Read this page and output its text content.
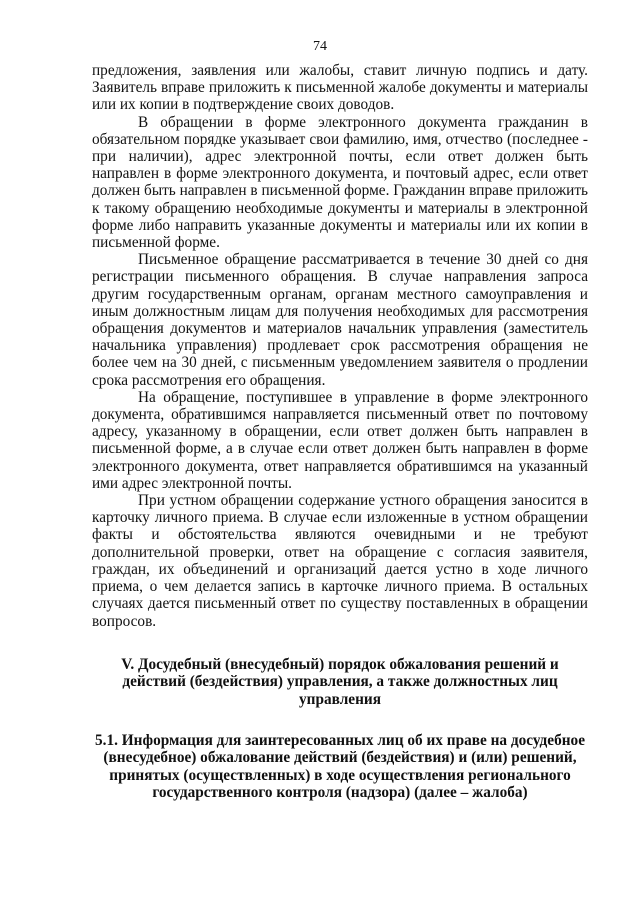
74

предложения, заявления или жалобы, ставит личную подпись и дату. Заявитель вправе приложить к письменной жалобе документы и материалы или их копии в подтверждение своих доводов.

В обращении в форме электронного документа гражданин в обязательном порядке указывает свои фамилию, имя, отчество (последнее - при наличии), адрес электронной почты, если ответ должен быть направлен в форме электронного документа, и почтовый адрес, если ответ должен быть направлен в письменной форме. Гражданин вправе приложить к такому обращению необходимые документы и материалы в электронной форме либо направить указанные документы и материалы или их копии в письменной форме.

Письменное обращение рассматривается в течение 30 дней со дня регистрации письменного обращения. В случае направления запроса другим государственным органам, органам местного самоуправления и иным должностным лицам для получения необходимых для рассмотрения обращения документов и материалов начальник управления (заместитель начальника управления) продлевает срок рассмотрения обращения не более чем на 30 дней, с письменным уведомлением заявителя о продлении срока рассмотрения его обращения.

На обращение, поступившее в управление в форме электронного документа, обратившимся направляется письменный ответ по почтовому адресу, указанному в обращении, если ответ должен быть направлен в письменной форме, а в случае если ответ должен быть направлен в форме электронного документа, ответ направляется обратившимся на указанный ими адрес электронной почты.

При устном обращении содержание устного обращения заносится в карточку личного приема. В случае если изложенные в устном обращении факты и обстоятельства являются очевидными и не требуют дополнительной проверки, ответ на обращение с согласия заявителя, граждан, их объединений и организаций дается устно в ходе личного приема, о чем делается запись в карточке личного приема. В остальных случаях дается письменный ответ по существу поставленных в обращении вопросов.

V. Досудебный (внесудебный) порядок обжалования решений и действий (бездействия) управления, а также должностных лиц управления

5.1. Информация для заинтересованных лиц об их праве на досудебное (внесудебное) обжалование действий (бездействия) и (или) решений, принятых (осуществленных) в ходе осуществления регионального государственного контроля (надзора) (далее – жалоба)
